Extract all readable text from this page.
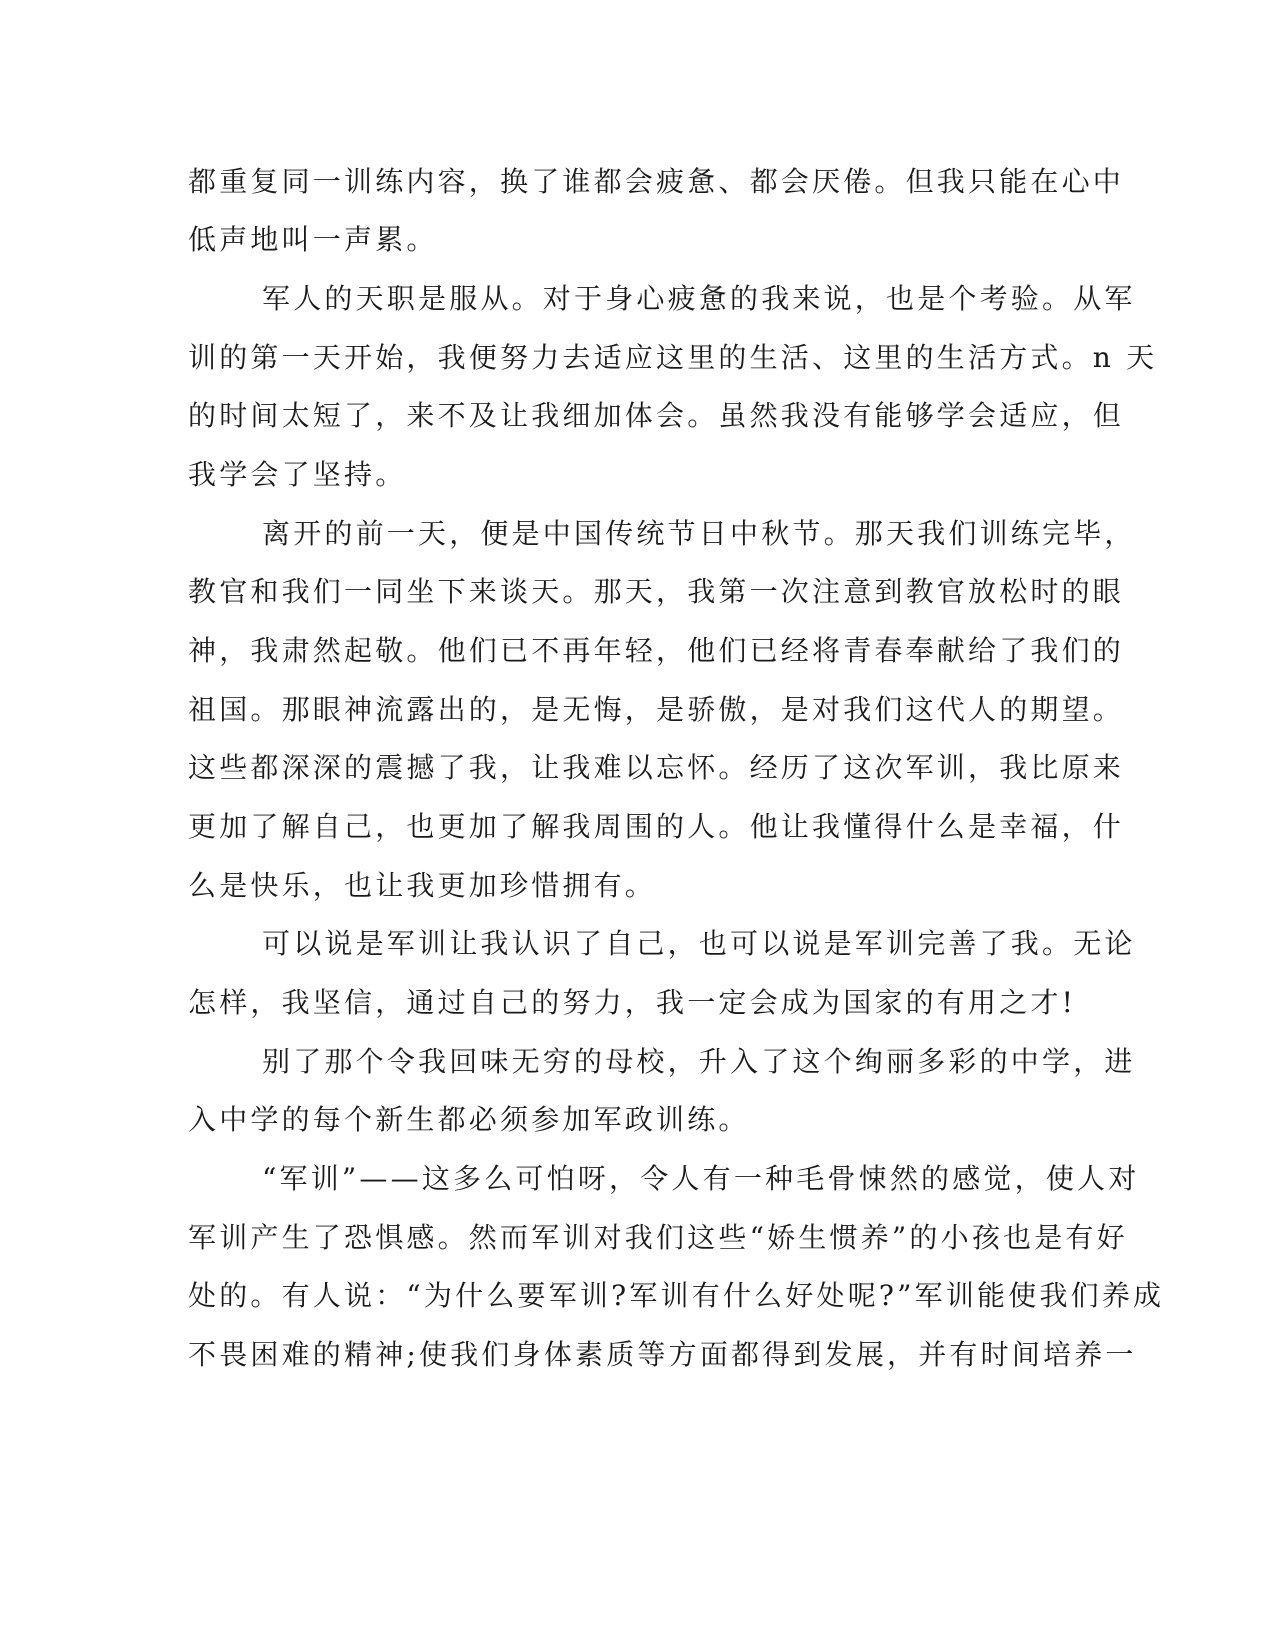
都重复同一训练内容，换了谁都会疲惫、都会厌倦。但我只能在心中
低声地叫一声累。
军人的天职是服从。对于身心疲惫的我来说，也是个考验。从军
训的第一天开始，我便努力去适应这里的生活、这里的生活方式。n 天
的时间太短了，来不及让我细加体会。虽然我没有能够学会适应，但
我学会了坚持。
离开的前一天，便是中国传统节日中秋节。那天我们训练完毕，
教官和我们一同坐下来谈天。那天，我第一次注意到教官放松时的眼
神，我肃然起敬。他们已不再年轻，他们已经将青春奉献给了我们的
祖国。那眼神流露出的，是无悔，是骄傲，是对我们这代人的期望。
这些都深深的震撼了我，让我难以忘怀。经历了这次军训，我比原来
更加了解自己，也更加了解我周围的人。他让我懂得什么是幸福，什
么是快乐，也让我更加珍惜拥有。
可以说是军训让我认识了自己，也可以说是军训完善了我。无论
怎样，我坚信，通过自己的努力，我一定会成为国家的有用之才!
别了那个令我回味无穷的母校，升入了这个绚丽多彩的中学，进
入中学的每个新生都必须参加军政训练。
“军训”——这多么可怕呀，令人有一种毛骨悚然的感觉，使人对
军训产生了恐惧感。然而军训对我们这些“娇生惯养”的小孩也是有好
处的。有人说：“为什么要军训?军训有什么好处呢?”军训能使我们养成
不畏困难的精神;使我们身体素质等方面都得到发展，并有时间培养一
